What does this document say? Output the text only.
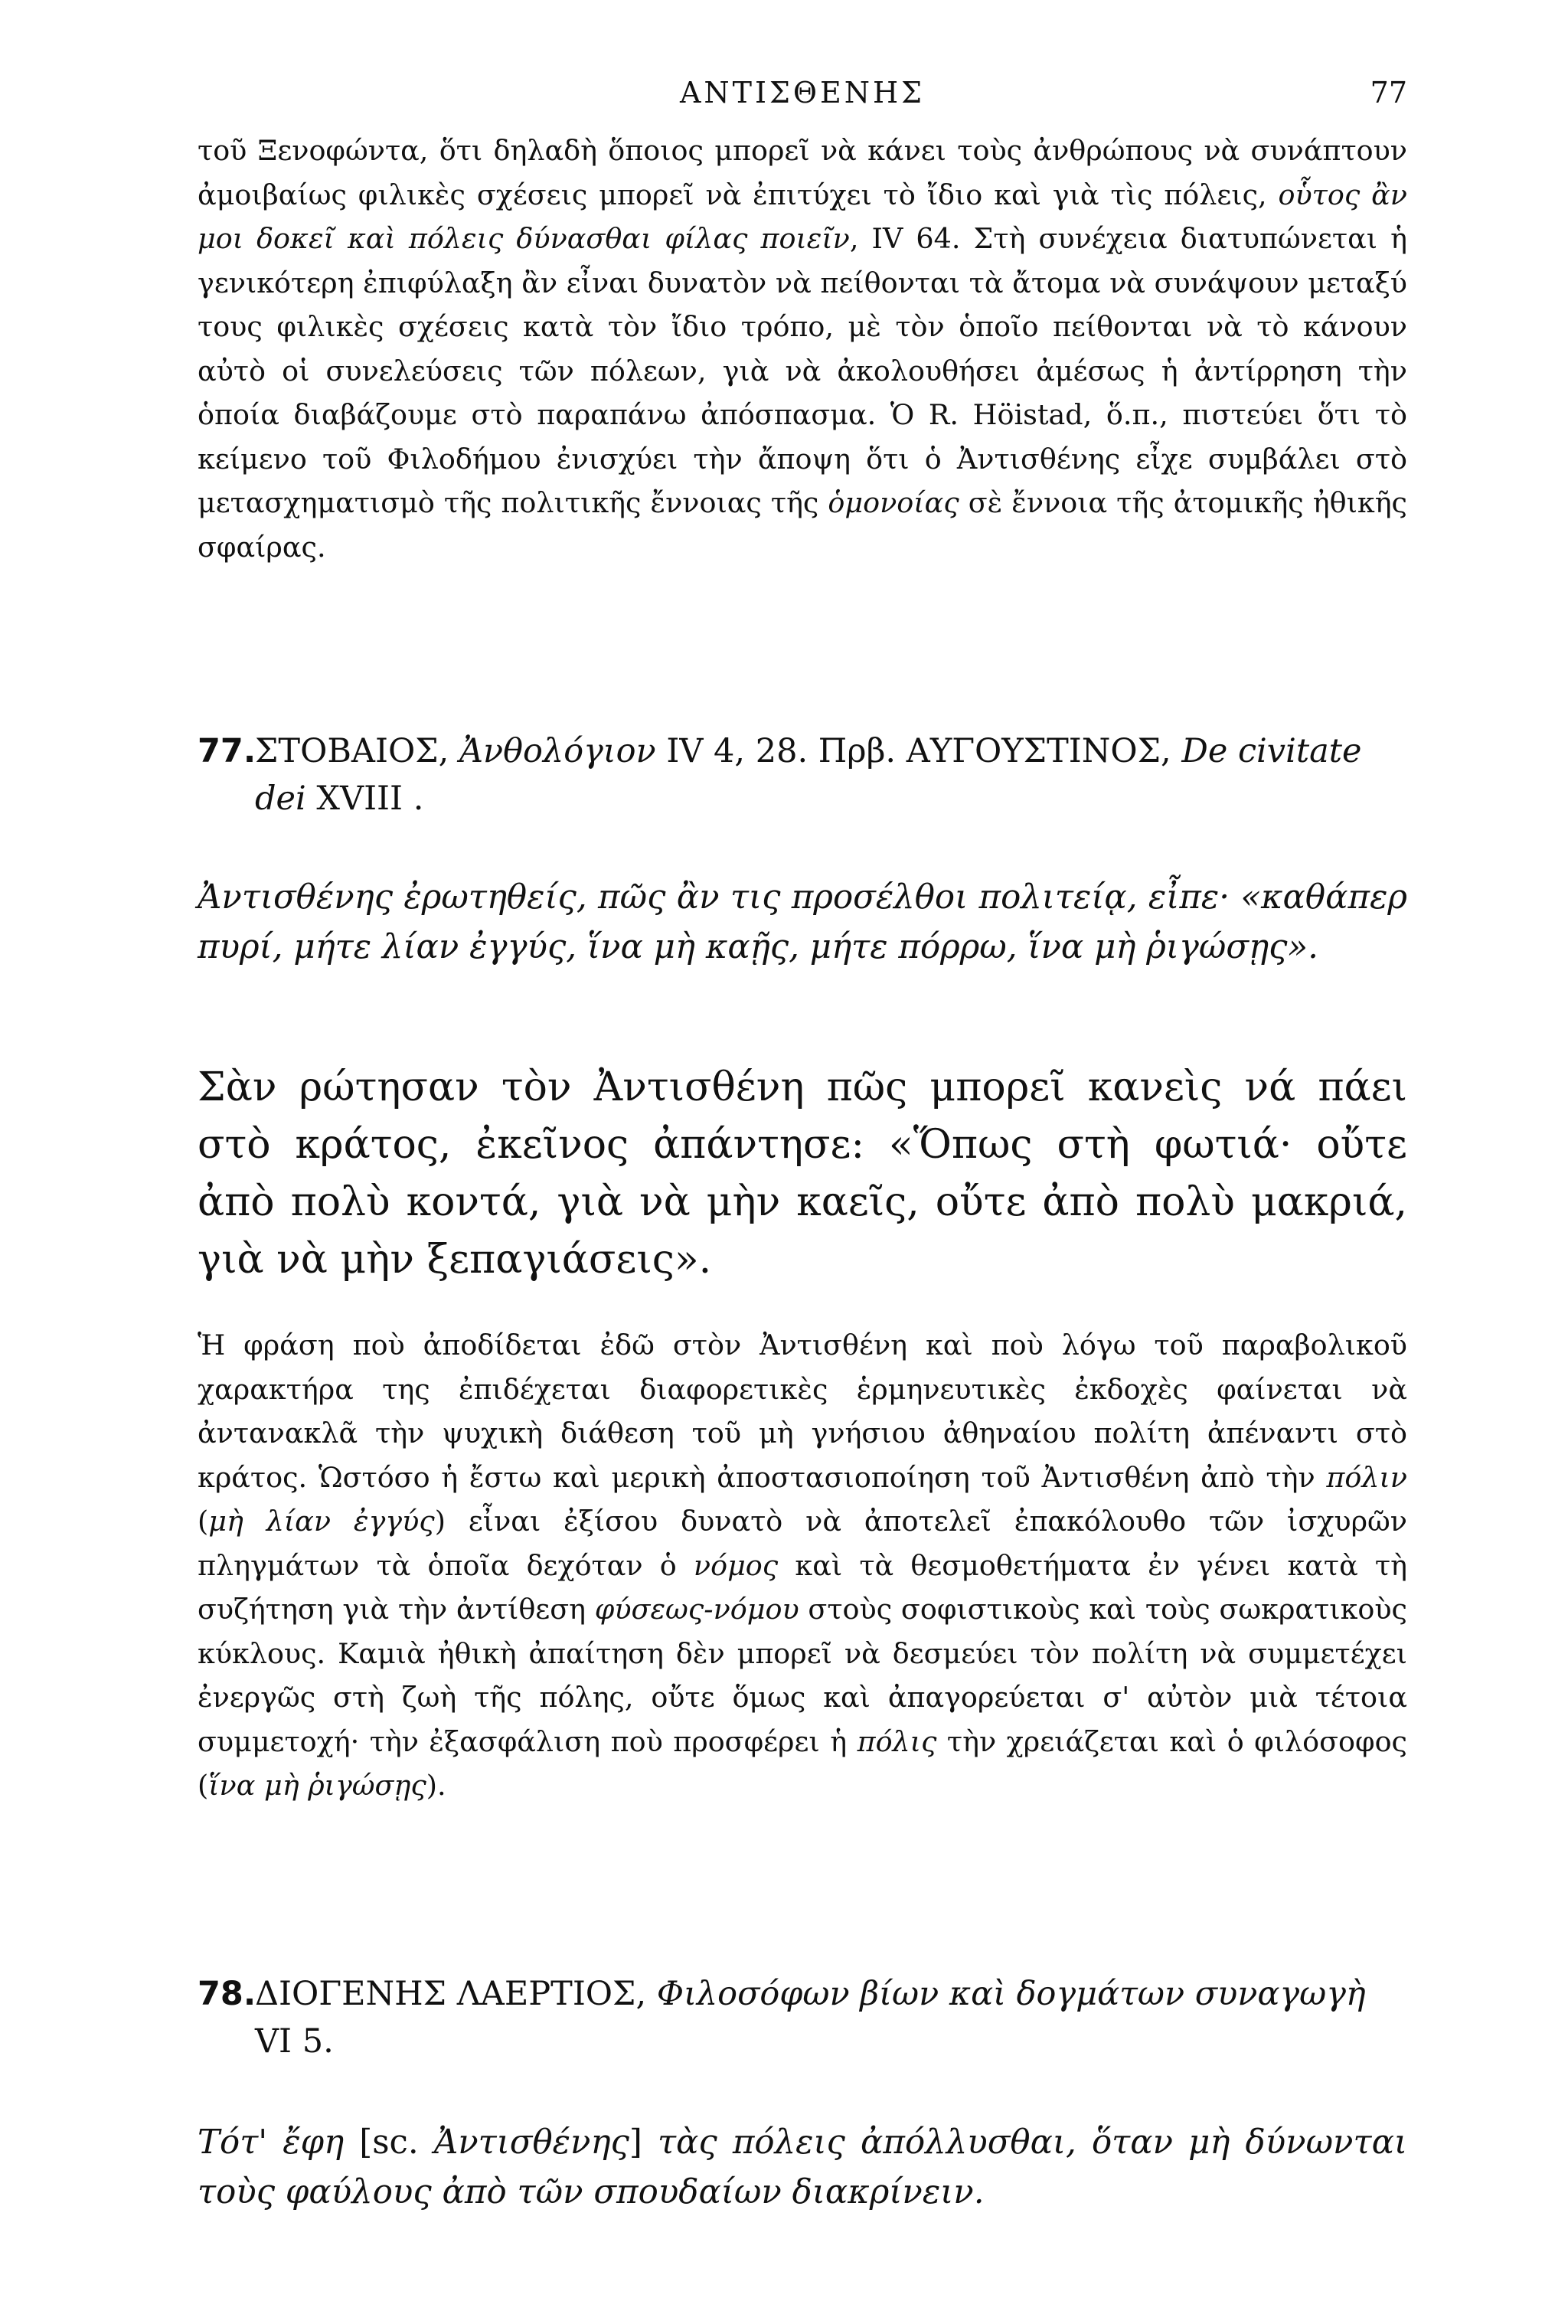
ΑΝΤΙΣΘΕΝΗΣ	77

τοῦ Ξενοφώντα, ὅτι δηλαδὴ ὅποιος μπορεῖ νὰ κάνει τοὺς ἀνθρώπους νὰ συνάπτουν ἀμοιβαίως φιλικὲς σχέσεις μπορεῖ νὰ ἐπιτύχει τὸ ἴδιο καὶ γιὰ τὶς πόλεις, οὗτος ἂν μοι δοκεῖ καὶ πόλεις δύνασθαι φίλας ποιεῖν, IV 64. Στὴ συνέχεια διατυπώνεται ἡ γενικότερη ἐπιφύλαξη ἂν εἶναι δυνατὸν νὰ πείθονται τὰ ἄτομα νὰ συνάψουν μεταξύ τους φιλικὲς σχέσεις κατὰ τὸν ἴδιο τρόπο, μὲ τὸν ὁποῖο πείθονται νὰ τὸ κάνουν αὐτὸ οἱ συνελεύσεις τῶν πόλεων, γιὰ νὰ ἀκολουθήσει ἀμέσως ἡ ἀντίρρηση τὴν ὁποία διαβάζουμε στὸ παραπάνω ἀπόσπασμα. Ὁ R. Höistad, ὅ.π., πιστεύει ὅτι τὸ κείμενο τοῦ Φιλοδήμου ἐνισχύει τὴν ἄποψη ὅτι ὁ Ἀντισθένης εἶχε συμβάλει στὸ μετασχηματισμὸ τῆς πολιτικῆς ἔννοιας τῆς ὁμονοίας σὲ ἔννοια τῆς ἀτομικῆς ἠθικῆς σφαίρας.

77.ΣΤΟΒΑΙΟΣ, Ἀνθολόγιον IV 4, 28. Πρβ. ΑΥΓΟΥΣΤΙΝΟΣ, De civitate dei XVIII .

Ἀντισθένης ἐρωτηθείς, πῶς ἂν τις προσέλθοι πολιτείᾳ, εἶπε· «καθάπερ πυρί, μήτε λίαν ἐγγύς, ἵνα μὴ καῇς, μήτε πόρρω, ἵνα μὴ ῥιγώσῃς».

Σὰν ρώτησαν τὸν Ἀντισθένη πῶς μπορεῖ κανεὶς νά πάει στὸ κράτος, ἐκεῖνος ἀπάντησε: «Ὅπως στὴ φωτιά· οὔτε ἀπὸ πολὺ κοντά, γιὰ νὰ μὴν καεῖς, οὔτε ἀπὸ πολὺ μακριά, γιὰ νὰ μὴν ξεπαγιάσεις».

Ἡ φράση ποὺ ἀποδίδεται ἐδῶ στὸν Ἀντισθένη καὶ ποὺ λόγω τοῦ παραβολικοῦ χαρακτήρα της ἐπιδέχεται διαφορετικὲς ἑρμηνευτικὲς ἐκδοχὲς φαίνεται νὰ ἀντανακλᾶ τὴν ψυχικὴ διάθεση τοῦ μὴ γνήσιου ἀθηναίου πολίτη ἀπέναντι στὸ κράτος. Ὡστόσο ἡ ἔστω καὶ μερικὴ ἀποστασιοποίηση τοῦ Ἀντισθένη ἀπὸ τὴν πόλιν (μὴ λίαν ἐγγύς) εἶναι ἐξίσου δυνατὸ νὰ ἀποτελεῖ ἐπακόλουθο τῶν ἰσχυρῶν πληγμάτων τὰ ὁποῖα δεχόταν ὁ νόμος καὶ τὰ θεσμοθετήματα ἐν γένει κατὰ τὴ συζήτηση γιὰ τὴν ἀντίθεση φύσεως-νόμου στοὺς σοφιστικοὺς καὶ τοὺς σωκρατικοὺς κύκλους. Καμιὰ ἠθικὴ ἀπαίτηση δὲν μπορεῖ νὰ δεσμεύει τὸν πολίτη νὰ συμμετέχει ἐνεργῶς στὴ ζωὴ τῆς πόλης, οὔτε ὅμως καὶ ἀπαγορεύεται σ' αὐτὸν μιὰ τέτοια συμμετοχή· τὴν ἐξασφάλιση ποὺ προσφέρει ἡ πόλις τὴν χρειάζεται καὶ ὁ φιλόσοφος (ἵνα μὴ ῥιγώσῃς).

78.ΔΙΟΓΕΝΗΣ ΛΑΕΡΤΙΟΣ, Φιλοσόφων βίων καὶ δογμάτων συναγωγὴ VI 5.

Τότ' ἔφη [sc. Ἀντισθένης] τὰς πόλεις ἀπόλλυσθαι, ὅταν μὴ δύνωνται τοὺς φαύλους ἀπὸ τῶν σπουδαίων διακρίνειν.
